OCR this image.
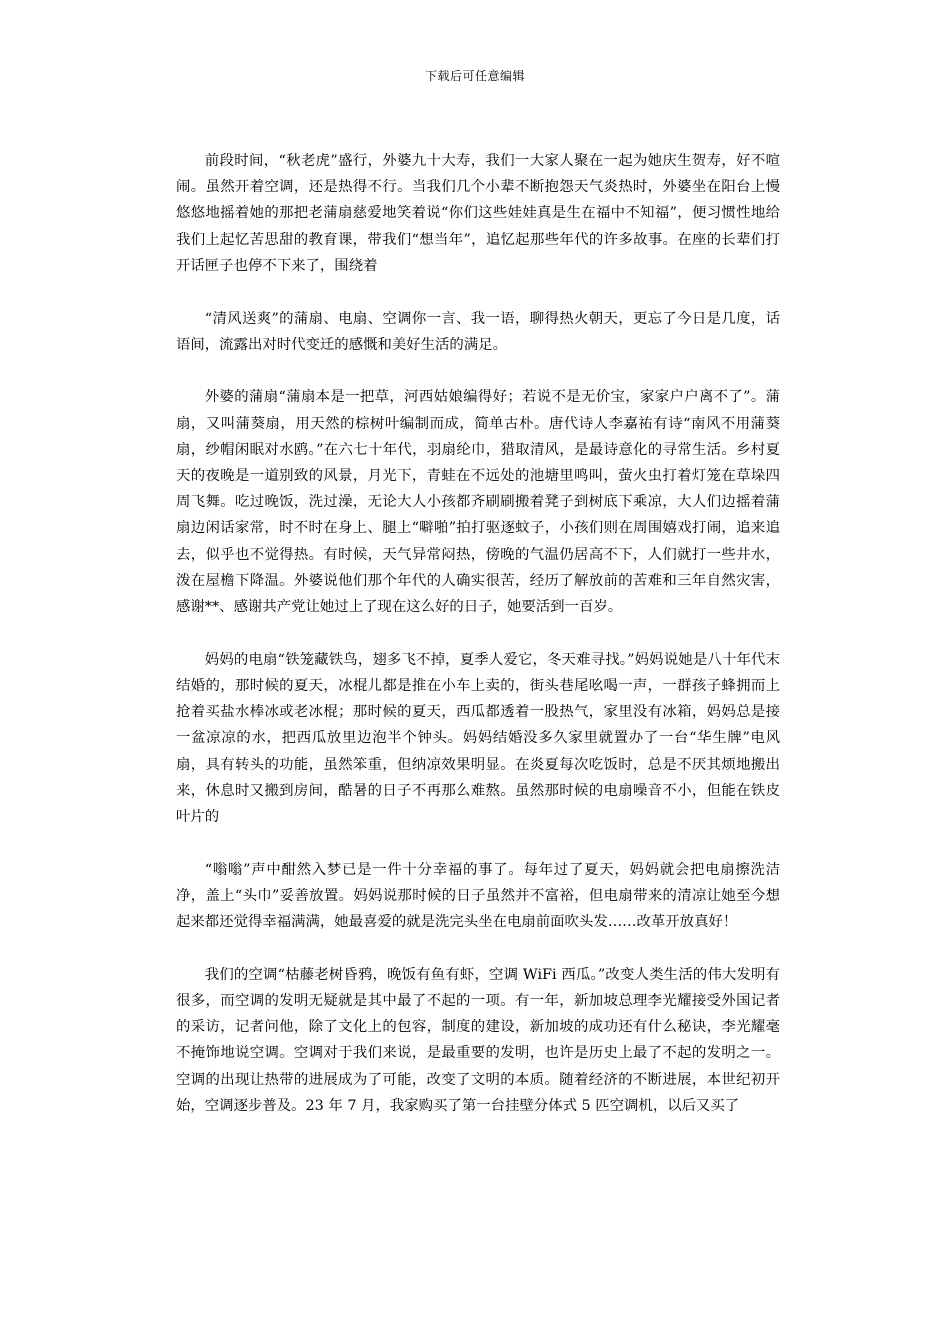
下载后可任意编辑

前段时间，“秋老虎”盛行，外婆九十大寿，我们一大家人聚在一起为她庆生贺寿，好不喧闹。虽然开着空调，还是热得不行。当我们几个小辈不断抱怨天气炎热时，外婆坐在阳台上慢悠悠地摇着她的那把老蒲扇慈爱地笑着说“你们这些娃娃真是生在福中不知福”，便习惯性地给我们上起忆苦思甜的教育课，带我们“想当年”，追忆起那些年代的许多故事。在座的长辈们打开话匣子也停不下来了，围绕着

“清风送爽”的蒲扇、电扇、空调你一言、我一语，聊得热火朝天，更忘了今日是几度，话语间，流露出对时代变迁的感慨和美好生活的满足。

外婆的蒲扇“蒲扇本是一把草，河西姑娘编得好；若说不是无价宝，家家户户离不了”。蒲扇，又叫蒲葵扇，用天然的棕树叶编制而成，简单古朴。唐代诗人李嘉祐有诗“南风不用蒲葵扇，纱帽闲眠对水鸥。”在六七十年代，羽扇纶巾，猎取清风，是最诗意化的寻常生活。乡村夏天的夜晚是一道别致的风景，月光下，青蛙在不远处的池塘里鸣叫，萤火虫打着灯笼在草垛四周飞舞。吃过晚饭，洗过澡，无论大人小孩都齐刷刷搬着凳子到树底下乘凉，大人们边摇着蒲扇边闲话家常，时不时在身上、腿上“噼啪”拍打驱逐蚊子，小孩们则在周围嬉戏打闹，追来追去，似乎也不觉得热。有时候，天气异常闷热，傍晚的气温仍居高不下，人们就打一些井水，泼在屋檐下降温。外婆说他们那个年代的人确实很苦，经历了解放前的苦难和三年自然灾害，感谢**、感谢共产党让她过上了现在这么好的日子，她要活到一百岁。

妈妈的电扇“铁笼藏铁鸟，翅多飞不掉，夏季人爱它，冬天难寻找。”妈妈说她是八十年代末结婚的，那时候的夏天，冰棍儿都是推在小车上卖的，街头巷尾吆喝一声，一群孩子蜂拥而上抢着买盐水棒冰或老冰棍；那时候的夏天，西瓜都透着一股热气，家里没有冰箱，妈妈总是接一盆凉凉的水，把西瓜放里边泡半个钟头。妈妈结婚没多久家里就置办了一台“华生牌”电风扇，具有转头的功能，虽然笨重，但纳凉效果明显。在炎夏每次吃饭时，总是不厌其烦地搬出来，休息时又搬到房间，酷暑的日子不再那么难熬。虽然那时候的电扇噪音不小，但能在铁皮叶片的

“嗡嗡”声中酣然入梦已是一件十分幸福的事了。每年过了夏天，妈妈就会把电扇擦洗洁净，盖上“头巾”妥善放置。妈妈说那时候的日子虽然并不富裕，但电扇带来的清凉让她至今想起来都还觉得幸福满满，她最喜爱的就是洗完头坐在电扇前面吹头发……改革开放真好！

我们的空调“枯藤老树昏鸦，晚饭有鱼有虾，空调 WiFi 西瓜。”改变人类生活的伟大发明有很多，而空调的发明无疑就是其中最了不起的一项。有一年，新加坡总理李光耀接受外国记者的采访，记者问他，除了文化上的包容，制度的建设，新加坡的成功还有什么秘诀，李光耀毫不掩饰地说空调。空调对于我们来说，是最重要的发明，也许是历史上最了不起的发明之一。空调的出现让热带的进展成为了可能，改变了文明的本质。随着经济的不断进展，本世纪初开始，空调逐步普及。23 年 7 月，我家购买了第一台挂壁分体式 5 匹空调机，以后又买了
